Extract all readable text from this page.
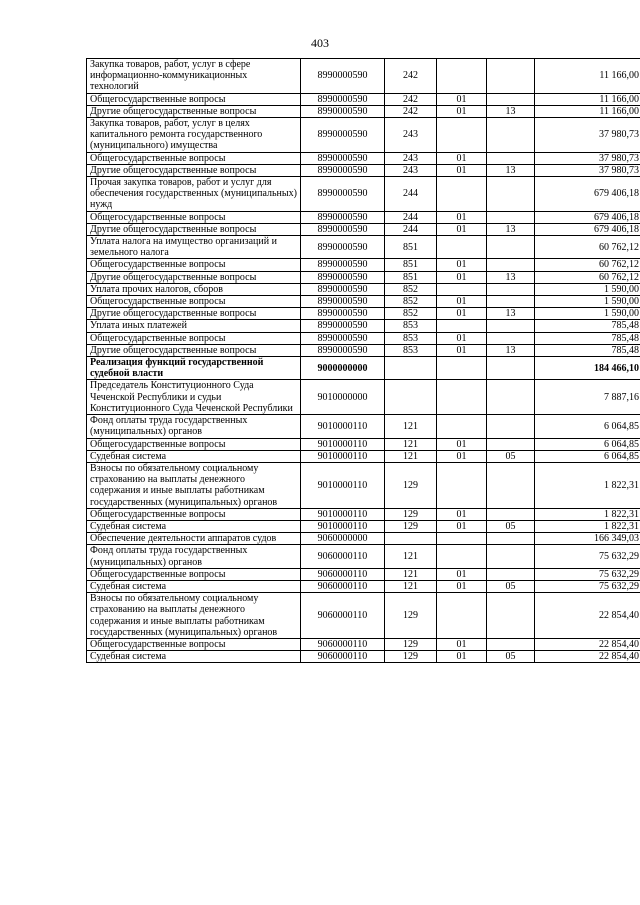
403
Закупка товаров, работ, услуг в сфере информационно-коммуникационных технологий	8990000590	242			11 166,00
Общегосударственные вопросы	8990000590	242	01		11 166,00
Другие общегосударственные вопросы	8990000590	242	01	13	11 166,00
Закупка товаров, работ, услуг в целях капитального ремонта государственного (муниципального) имущества	8990000590	243			37 980,73
Общегосударственные вопросы	8990000590	243	01		37 980,73
Другие общегосударственные вопросы	8990000590	243	01	13	37 980,73
Прочая закупка товаров, работ и услуг для обеспечения государственных (муниципальных) нужд	8990000590	244			679 406,18
Общегосударственные вопросы	8990000590	244	01		679 406,18
Другие общегосударственные вопросы	8990000590	244	01	13	679 406,18
Уплата налога на имущество организаций и земельного налога	8990000590	851			60 762,12
Общегосударственные вопросы	8990000590	851	01		60 762,12
Другие общегосударственные вопросы	8990000590	851	01	13	60 762,12
Уплата прочих налогов, сборов	8990000590	852			1 590,00
Общегосударственные вопросы	8990000590	852	01		1 590,00
Другие общегосударственные вопросы	8990000590	852	01	13	1 590,00
Уплата иных платежей	8990000590	853			785,48
Общегосударственные вопросы	8990000590	853	01		785,48
Другие общегосударственные вопросы	8990000590	853	01	13	785,48
Реализация функций государственной судебной власти	9000000000				184 466,10
Председатель Конституционного Суда Чеченской Республики и судьи Конституционного Суда Чеченской Республики	9010000000				7 887,16
Фонд оплаты труда государственных (муниципальных) органов	9010000110	121			6 064,85
Общегосударственные вопросы	9010000110	121	01		6 064,85
Судебная система	9010000110	121	01	05	6 064,85
Взносы по обязательному социальному страхованию на выплаты денежного содержания и иные выплаты работникам государственных (муниципальных) органов	9010000110	129			1 822,31
Общегосударственные вопросы	9010000110	129	01		1 822,31
Судебная система	9010000110	129	01	05	1 822,31
Обеспечение деятельности аппаратов судов	9060000000				166 349,03
Фонд оплаты труда государственных (муниципальных) органов	9060000110	121			75 632,29
Общегосударственные вопросы	9060000110	121	01		75 632,29
Судебная система	9060000110	121	01	05	75 632,29
Взносы по обязательному социальному страхованию на выплаты денежного содержания и иные выплаты работникам государственных (муниципальных) органов	9060000110	129			22 854,40
Общегосударственные вопросы	9060000110	129	01		22 854,40
Судебная система	9060000110	129	01	05	22 854,40
